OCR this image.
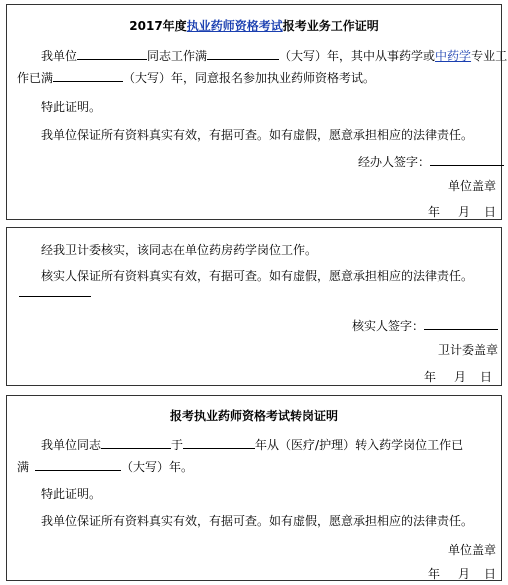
2017年度执业药师资格考试报考业务工作证明
我单位	同志工作满	（大写）年，其中从事药学或中药学专业工
作已满	（大写）年，同意报名参加执业药师资格考试。
特此证明。
我单位保证所有资料真实有效，有据可查。如有虚假，愿意承担相应的法律责任。
经办人签字：
单位盖章
年 月 日
经我卫计委核实，该同志在单位药房药学岗位工作。
核实人保证所有资料真实有效，有据可查。如有虚假，愿意承担相应的法律责任。
核实人签字：
卫计委盖章
年 月 日
报考执业药师资格考试转岗证明
我单位同志	于	年从（医疗/护理）转入药学岗位工作已
满	（大写）年。
特此证明。
我单位保证所有资料真实有效，有据可查。如有虚假，愿意承担相应的法律责任。
单位盖章
年 月 日
